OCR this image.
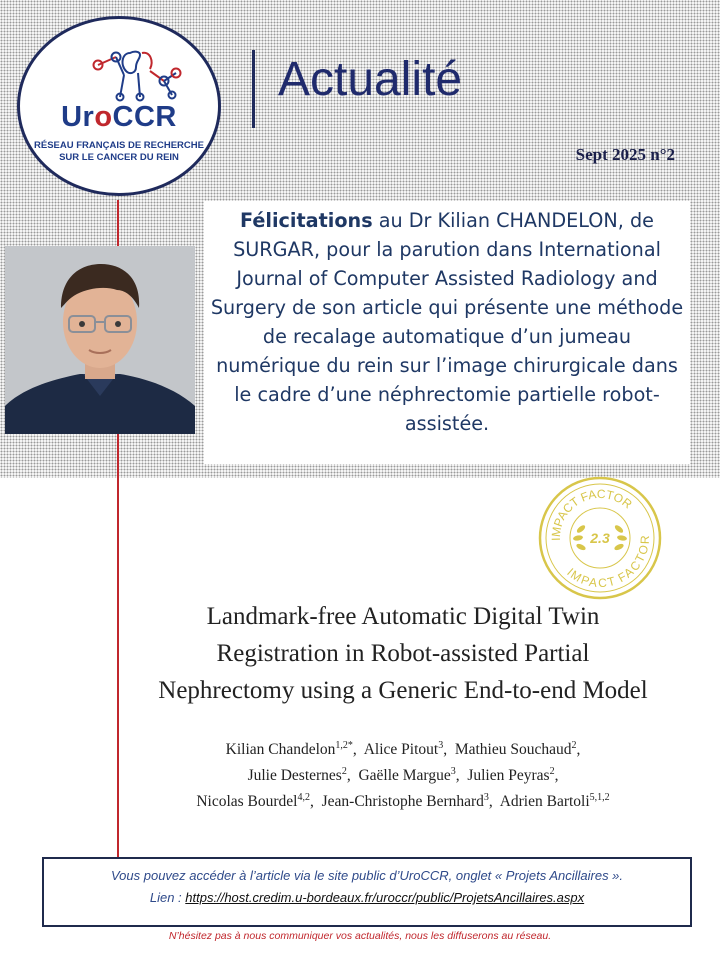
UroCCR
RÉSEAU FRANÇAIS DE RECHERCHE
SUR LE CANCER DU REIN
Actualité
Sept 2025 n°2
Félicitations au Dr Kilian CHANDELON, de SURGAR, pour la parution dans International Journal of Computer Assisted Radiology and Surgery de son article qui présente une méthode de recalage automatique d’un jumeau numérique du rein sur l’image chirurgicale dans le cadre d’une néphrectomie partielle robot-assistée.
IMPACT FACTOR
IMPACT FACTOR
2.3
Landmark-free Automatic Digital Twin
Registration in Robot-assisted Partial
Nephrectomy using a Generic End-to-end Model
Kilian Chandelon$^{1,2*}$,  Alice Pitout$^3$,  Mathieu Souchaud$^2$,
Julie Desternes$^2$,  Gaëlle Margue$^3$,  Julien Peyras$^2$,
Nicolas Bourdel$^{4,2}$,  Jean-Christophe Bernhard$^3$,  Adrien Bartoli$^{5,1,2}$
Vous pouvez accéder à l’article via le site public d’UroCCR, onglet « Projets Ancillaires ».
Lien : https://host.credim.u-bordeaux.fr/uroccr/public/ProjetsAncillaires.aspx
N’hésitez pas à nous communiquer vos actualités, nous les diffuserons au réseau.
